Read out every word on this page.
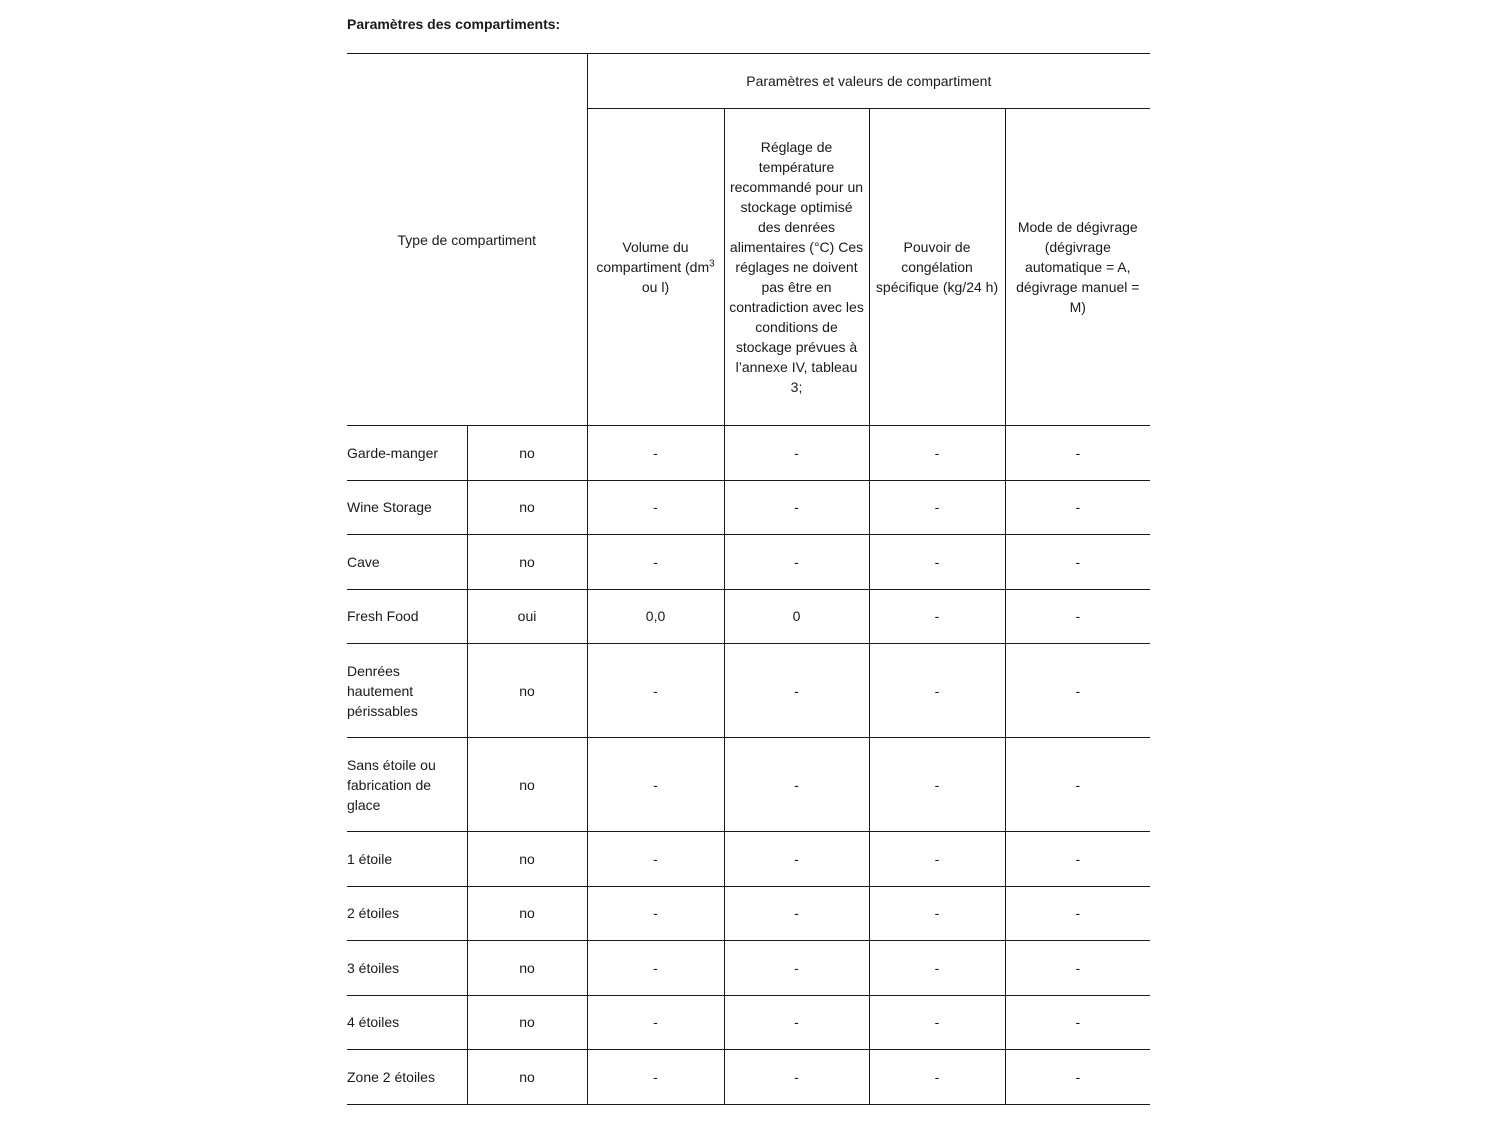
Paramètres des compartiments:
Type de compartiment		Paramètres et valeurs de compartiment			
		Volume du compartiment ($dm^3$ ou l)	Réglage de température recommandé pour un stockage optimisé des denrées alimentaires (°C) Ces réglages ne doivent pas être en contradiction avec les conditions de stockage prévues à l’annexe IV, tableau 3;	Pouvoir de congélation spécifique (kg/24 h)	Mode de dégivrage (dégivrage automatique = A, dégivrage manuel = M)
Garde-manger	no	-	-	-	-
Wine Storage	no	-	-	-	-
Cave	no	-	-	-	-
Fresh Food	oui	0,0	0	-	-
Denrées hautement périssables	no	-	-	-	-
Sans étoile ou fabrication de glace	no	-	-	-	-
1 étoile	no	-	-	-	-
2 étoiles	no	-	-	-	-
3 étoiles	no	-	-	-	-
4 étoiles	no	-	-	-	-
Zone 2 étoiles	no	-	-	-	-
